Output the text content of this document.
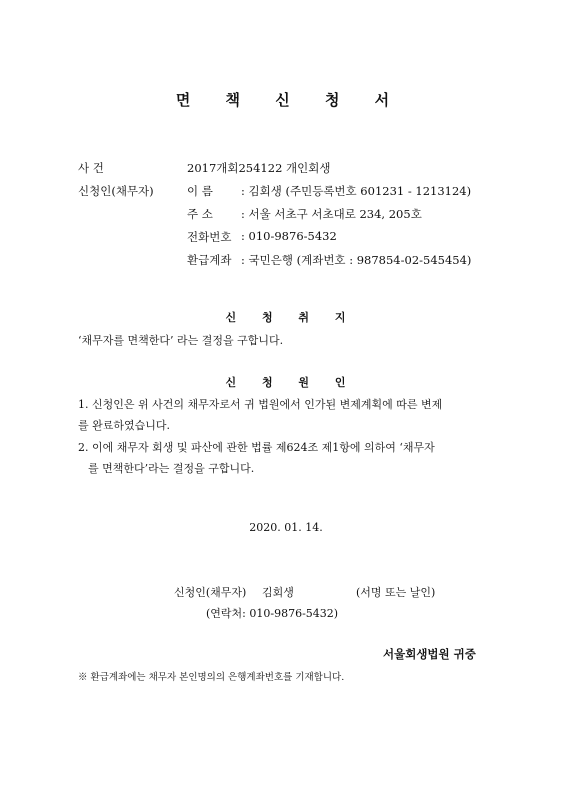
면 책 신 청 서
사 건	2017개회254122 개인회생
신청인(채무자)	이 름 : 김회생 (주민등록번호 601231 - 1213124)
주 소 : 서울 서초구 서초대로 234, 205호
전화번호 : 010-9876-5432
환급계좌 : 국민은행 (계좌번호 : 987854-02-545454)
신 청 취 지
‘채무자를 면책한다’ 라는 결정을 구합니다.
신 청 원 인
1. 신청인은 위 사건의 채무자로서 귀 법원에서 인가된 변제계획에 따른 변제
를 완료하였습니다.
2. 이에 채무자 회생 및 파산에 관한 법률 제624조 제1항에 의하여 ‘채무자
를 면책한다’라는 결정을 구합니다.
2020. 01. 14.
신청인(채무자) 김회생	(서명 또는 날인)
(연락처: 010-9876-5432)
서울회생법원 귀중
※ 환급계좌에는 채무자 본인명의의 은행계좌번호를 기재합니다.
